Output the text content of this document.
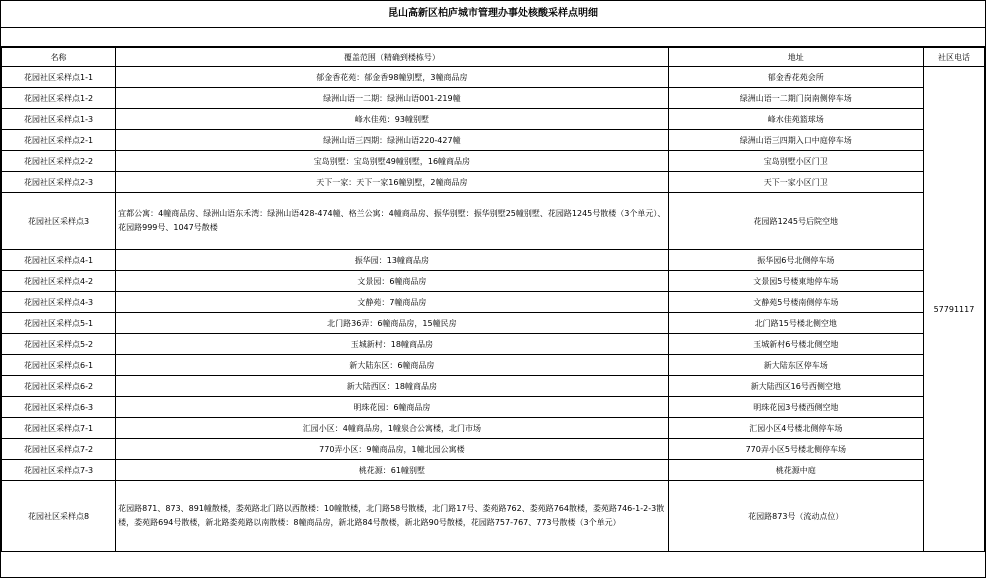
昆山高新区柏庐城市管理办事处核酸采样点明细
名称	覆盖范围（精确到楼栋号）	地址	社区电话
花园社区采样点1-1	郁金香花苑：郁金香98幢别墅，3幢商品房	郁金香花苑会所	57791117
花园社区采样点1-2	绿洲山语一二期：绿洲山语001-219幢	绿洲山语一二期门岗南侧停车场	
花园社区采样点1-3	峰水佳苑：93幢别墅	峰水佳苑篮球场	
花园社区采样点2-1	绿洲山语三四期：绿洲山语220-427幢	绿洲山语三四期入口中庭停车场	
花园社区采样点2-2	宝岛别墅：宝岛别墅49幢别墅，16幢商品房	宝岛别墅小区门卫	
花园社区采样点2-3	天下一家：天下一家16幢别墅，2幢商品房	天下一家小区门卫	
花园社区采样点3	宜都公寓：4幢商品房、绿洲山语东禾湾：绿洲山语428-474幢、格兰公寓：4幢商品房、振华别墅：振华别墅25幢别墅、花园路1245号散楼（3个单元）、花园路999号、1047号散楼	花园路1245号后院空地	
花园社区采样点4-1	振华园：13幢商品房	振华园6号北侧停车场	
花园社区采样点4-2	文景园：6幢商品房	文景园5号楼東地停车场	
花园社区采样点4-3	文静苑：7幢商品房	文静苑5号楼南侧停车场	
花园社区采样点5-1	北门路36弄：6幢商品房，15幢民房	北门路15号楼北侧空地	
花园社区采样点5-2	玉城新村：18幢商品房	玉城新村6号楼北侧空地	
花园社区采样点6-1	新大陆东区：6幢商品房	新大陆东区停车场	
花园社区采样点6-2	新大陆西区：18幢商品房	新大陆西区16号西侧空地	
花园社区采样点6-3	明珠花园：6幢商品房	明珠花园3号楼西侧空地	
花园社区采样点7-1	汇园小区：4幢商品房，1幢泉合公寓楼，北门市场	汇园小区4号楼北侧停车场	
花园社区采样点7-2	770弄小区：9幢商品房，1幢北园公寓楼	770弄小区5号楼北侧停车场	
花园社区采样点7-3	桃花源：61幢别墅	桃花源中庭	
花园社区采样点8	花园路871、873、891幢散楼，娄苑路北门路以西散楼：10幢散楼，北门路58号散楼，北门路17号、娄苑路762、娄苑路764散楼，娄苑路746-1-2-3散楼，娄苑路694号散楼，新北路娄苑路以南散楼：8幢商品房，新北路84号散楼，新北路90号散楼，花园路757-767、773号散楼（3个单元）	花园路873号（流动点位）	
